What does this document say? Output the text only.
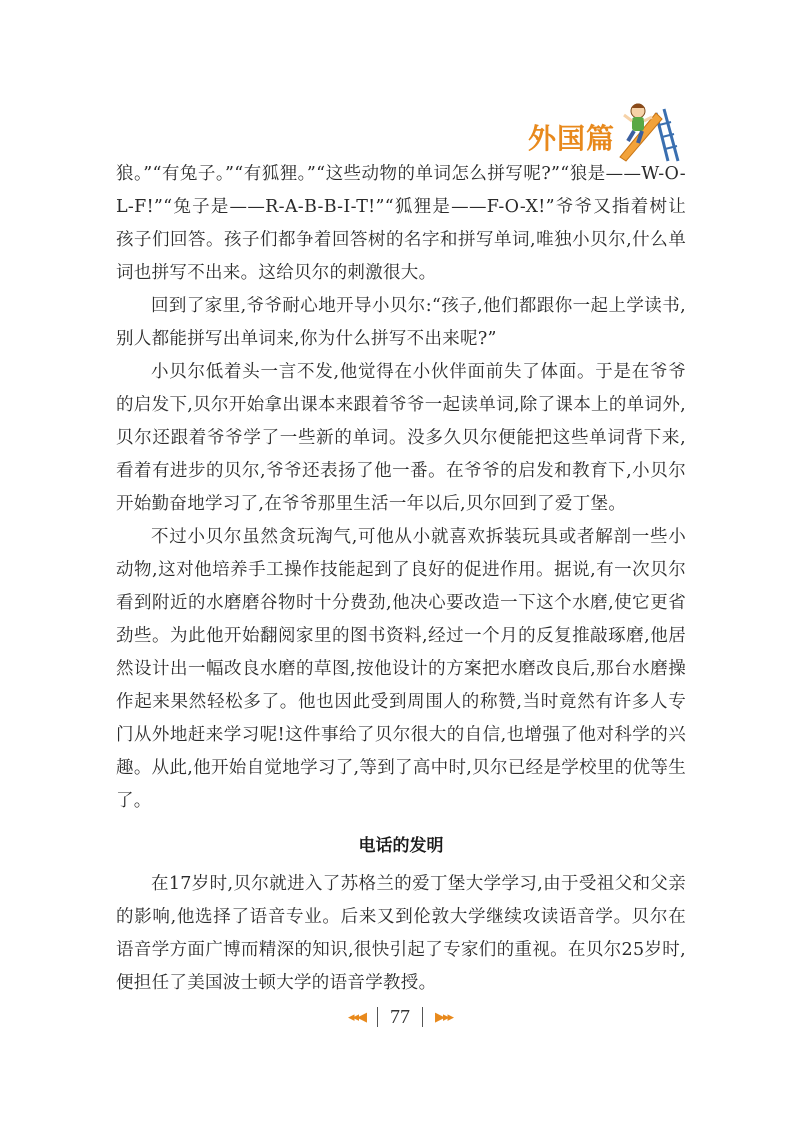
外国篇

狼。”“有兔子。”“有狐狸。”“这些动物的单词怎么拼写呢?”“狼是——W-O-L-F!”“兔子是——R-A-B-B-I-T!”“狐狸是——F-O-X!”爷爷又指着树让孩子们回答。孩子们都争着回答树的名字和拼写单词,唯独小贝尔,什么单词也拼写不出来。这给贝尔的刺激很大。

回到了家里,爷爷耐心地开导小贝尔:“孩子,他们都跟你一起上学读书,别人都能拼写出单词来,你为什么拼写不出来呢?”

小贝尔低着头一言不发,他觉得在小伙伴面前失了体面。于是在爷爷的启发下,贝尔开始拿出课本来跟着爷爷一起读单词,除了课本上的单词外,贝尔还跟着爷爷学了一些新的单词。没多久贝尔便能把这些单词背下来,看着有进步的贝尔,爷爷还表扬了他一番。在爷爷的启发和教育下,小贝尔开始勤奋地学习了,在爷爷那里生活一年以后,贝尔回到了爱丁堡。

不过小贝尔虽然贪玩淘气,可他从小就喜欢拆装玩具或者解剖一些小动物,这对他培养手工操作技能起到了良好的促进作用。据说,有一次贝尔看到附近的水磨磨谷物时十分费劲,他决心要改造一下这个水磨,使它更省劲些。为此他开始翻阅家里的图书资料,经过一个月的反复推敲琢磨,他居然设计出一幅改良水磨的草图,按他设计的方案把水磨改良后,那台水磨操作起来果然轻松多了。他也因此受到周围人的称赞,当时竟然有许多人专门从外地赶来学习呢!这件事给了贝尔很大的自信,也增强了他对科学的兴趣。从此,他开始自觉地学习了,等到了高中时,贝尔已经是学校里的优等生了。

电话的发明

在17岁时,贝尔就进入了苏格兰的爱丁堡大学学习,由于受祖父和父亲的影响,他选择了语音专业。后来又到伦敦大学继续攻读语音学。贝尔在语音学方面广博而精深的知识,很快引起了专家们的重视。在贝尔25岁时,便担任了美国波士顿大学的语音学教授。

◂◂◀ 77 ▶▸▸
